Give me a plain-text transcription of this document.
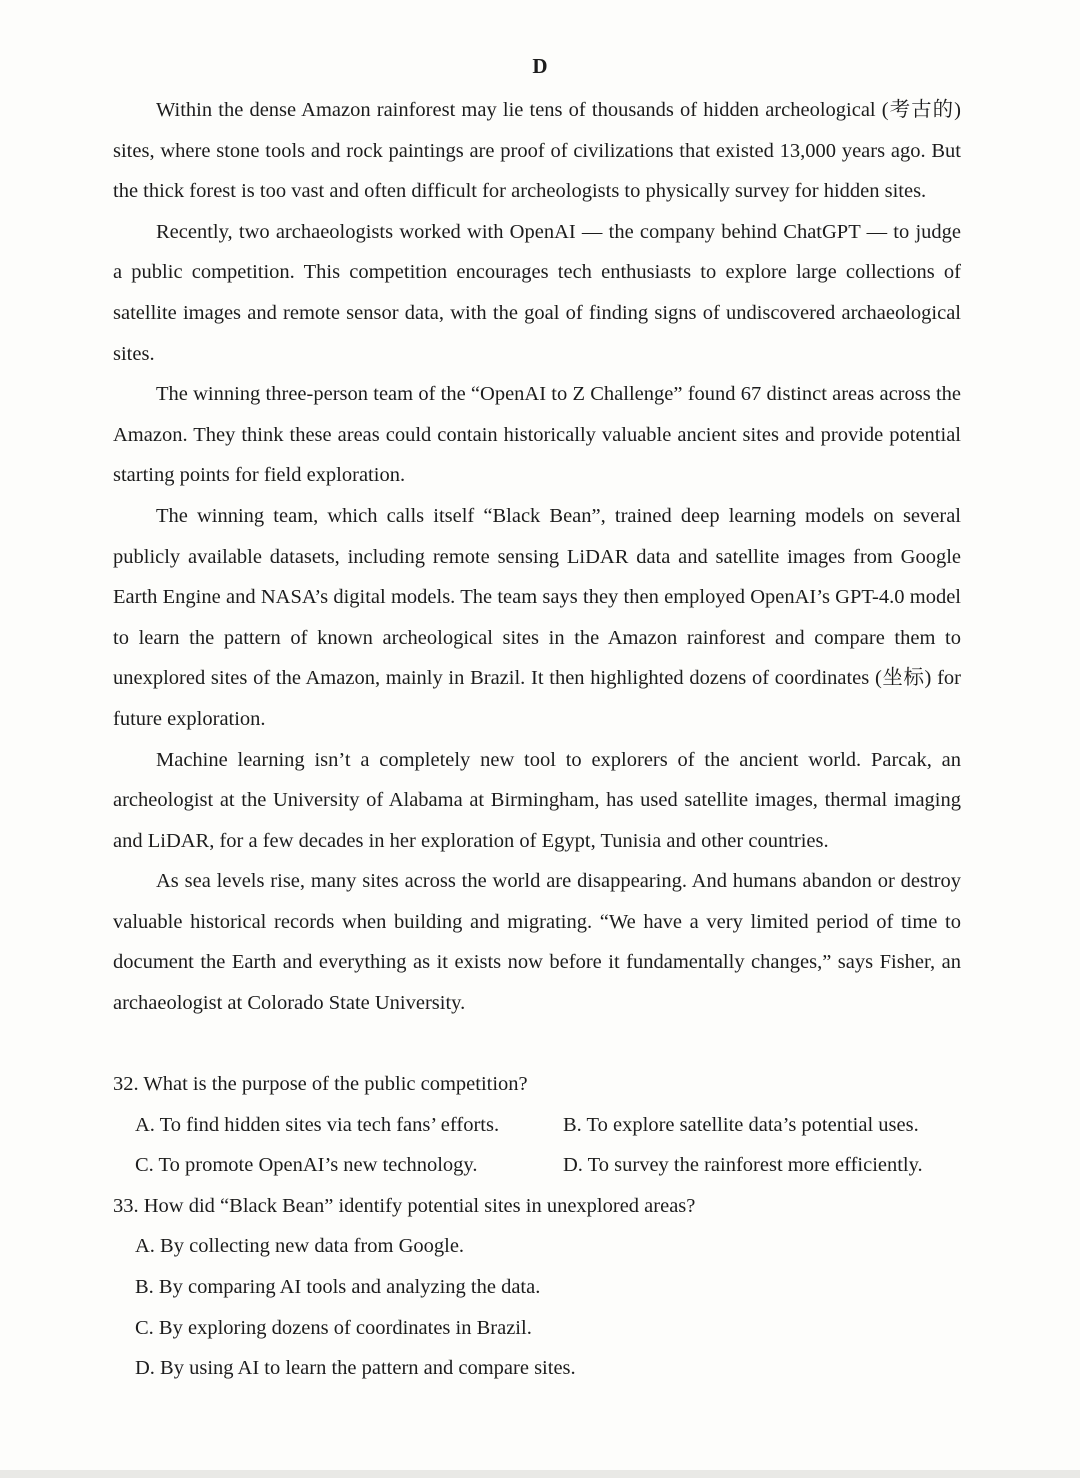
D

Within the dense Amazon rainforest may lie tens of thousands of hidden archeological (考古的) sites, where stone tools and rock paintings are proof of civilizations that existed 13,000 years ago. But the thick forest is too vast and often difficult for archeologists to physically survey for hidden sites.

Recently, two archaeologists worked with OpenAI — the company behind ChatGPT — to judge a public competition. This competition encourages tech enthusiasts to explore large collections of satellite images and remote sensor data, with the goal of finding signs of undiscovered archaeological sites.

The winning three-person team of the “OpenAI to Z Challenge” found 67 distinct areas across the Amazon. They think these areas could contain historically valuable ancient sites and provide potential starting points for field exploration.

The winning team, which calls itself “Black Bean”, trained deep learning models on several publicly available datasets, including remote sensing LiDAR data and satellite images from Google Earth Engine and NASA’s digital models. The team says they then employed OpenAI’s GPT-4.0 model to learn the pattern of known archeological sites in the Amazon rainforest and compare them to unexplored sites of the Amazon, mainly in Brazil. It then highlighted dozens of coordinates (坐标) for future exploration.

Machine learning isn’t a completely new tool to explorers of the ancient world. Parcak, an archeologist at the University of Alabama at Birmingham, has used satellite images, thermal imaging and LiDAR, for a few decades in her exploration of Egypt, Tunisia and other countries.

As sea levels rise, many sites across the world are disappearing. And humans abandon or destroy valuable historical records when building and migrating. “We have a very limited period of time to document the Earth and everything as it exists now before it fundamentally changes,” says Fisher, an archaeologist at Colorado State University.

32. What is the purpose of the public competition?

A. To find hidden sites via tech fans’ efforts.	B. To explore satellite data’s potential uses.
C. To promote OpenAI’s new technology.	D. To survey the rainforest more efficiently.

33. How did “Black Bean” identify potential sites in unexplored areas?

A. By collecting new data from Google.
B. By comparing AI tools and analyzing the data.
C. By exploring dozens of coordinates in Brazil.
D. By using AI to learn the pattern and compare sites.
